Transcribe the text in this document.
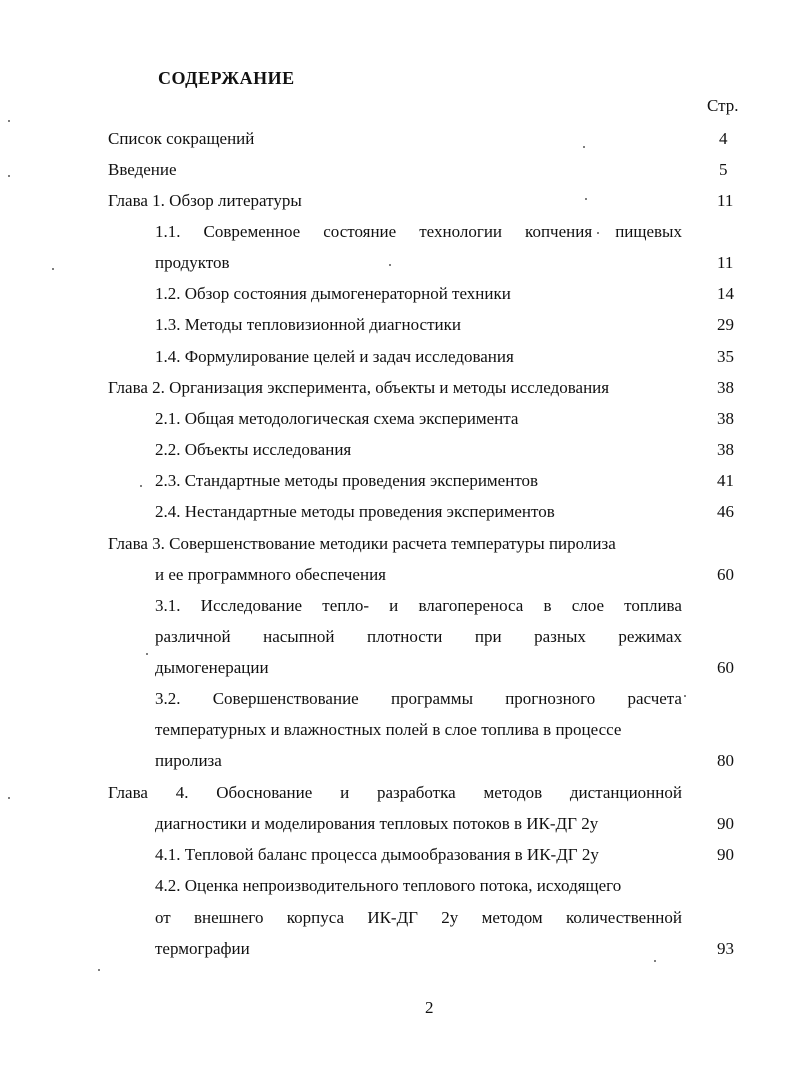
СОДЕРЖАНИЕ
Стр.
Список сокращений	4
Введение	5
Глава 1. Обзор литературы	11
1.1. Современное состояние технологии копчения пищевых
продуктов	11
1.2. Обзор состояния дымогенераторной техники	14
1.3. Методы тепловизионной диагностики	29
1.4. Формулирование целей и задач исследования	35
Глава 2. Организация эксперимента, объекты и методы исследования	38
2.1. Общая методологическая схема эксперимента	38
2.2. Объекты исследования	38
2.3. Стандартные методы проведения экспериментов	41
2.4. Нестандартные методы проведения экспериментов	46
Глава 3. Совершенствование методики расчета температуры пиролиза
и ее программного обеспечения	60
3.1. Исследование тепло- и влагопереноса в слое топлива
различной насыпной плотности при разных режимах
дымогенерации	60
3.2. Совершенствование программы прогнозного расчета
температурных и влажностных полей в слое топлива в процессе
пиролиза	80
Глава 4. Обоснование и разработка методов дистанционной
диагностики и моделирования тепловых потоков в ИК-ДГ 2у	90
4.1. Тепловой баланс процесса дымообразования в ИК-ДГ 2у	90
4.2. Оценка непроизводительного теплового потока, исходящего
от внешнего корпуса ИК-ДГ 2у методом количественной
термографии	93
2
